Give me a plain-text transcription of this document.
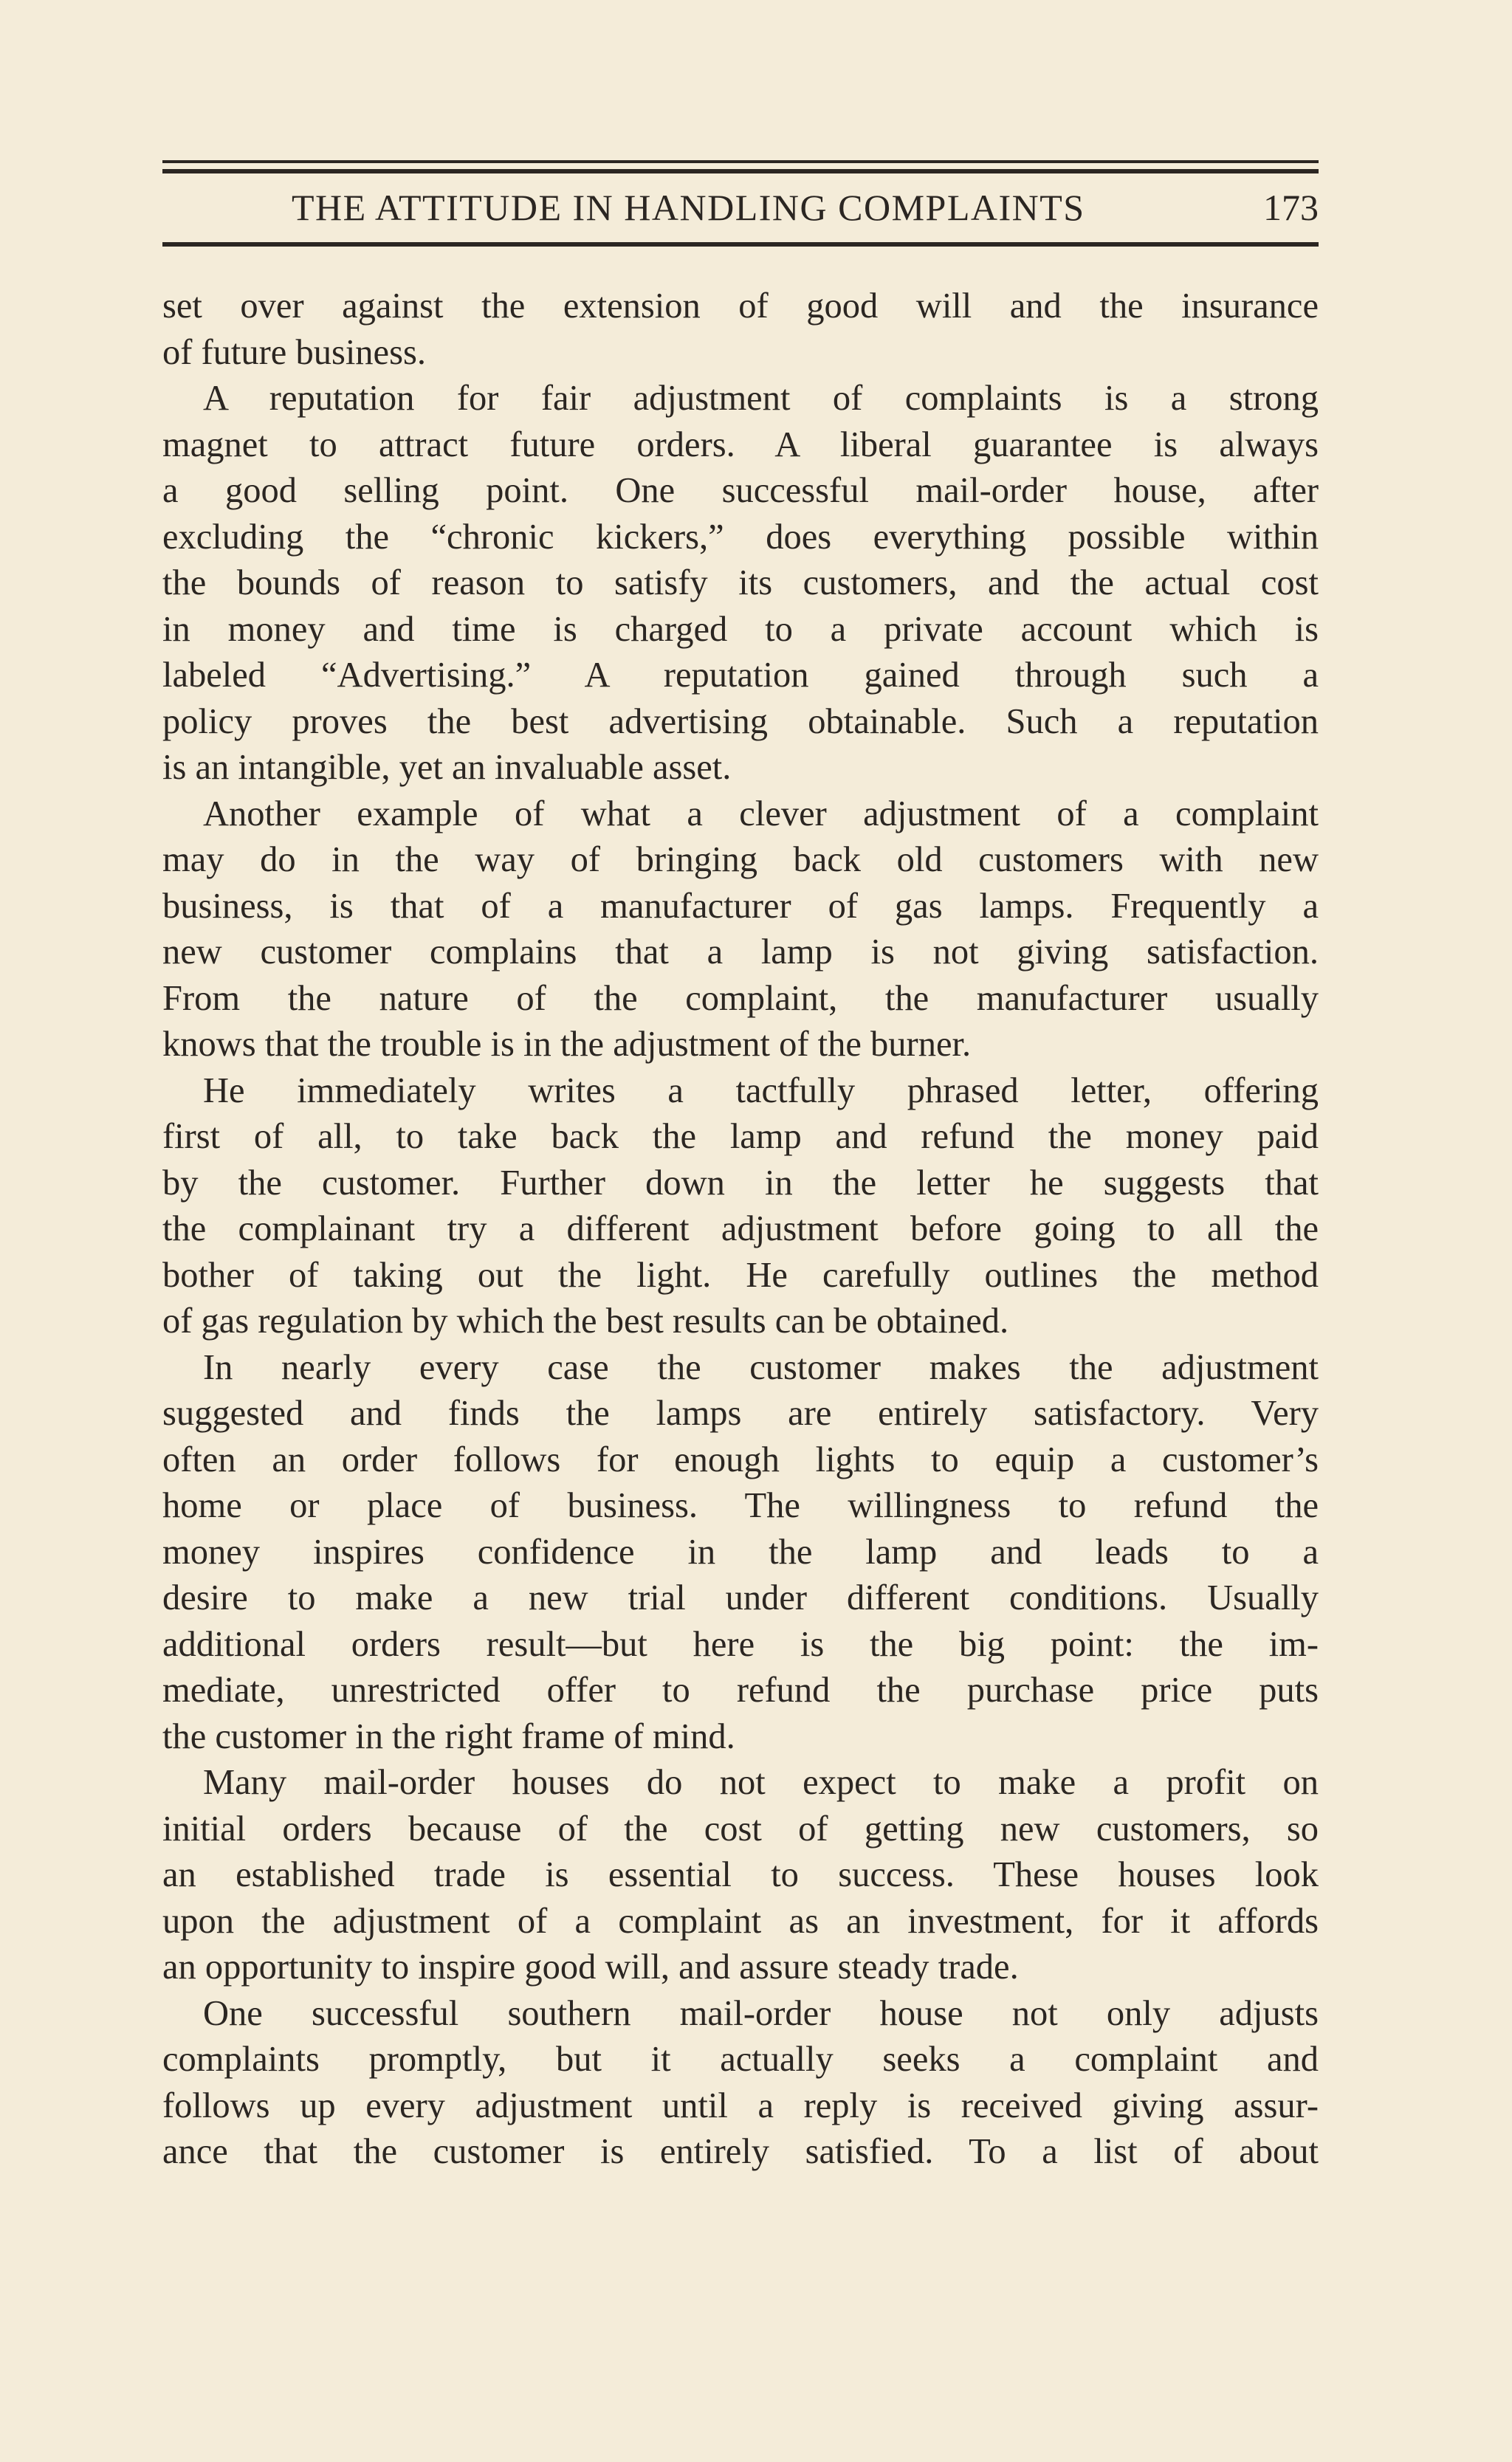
THE ATTITUDE IN HANDLING COMPLAINTS	173
set over against the extension of good will and the insurance
of future business.
A reputation for fair adjustment of complaints is a strong
magnet to attract future orders. A liberal guarantee is always
a good selling point. One successful mail-order house, after
excluding the “chronic kickers,” does everything possible within
the bounds of reason to satisfy its customers, and the actual cost
in money and time is charged to a private account which is
labeled “Advertising.” A reputation gained through such a
policy proves the best advertising obtainable. Such a reputation
is an intangible, yet an invaluable asset.
Another example of what a clever adjustment of a complaint
may do in the way of bringing back old customers with new
business, is that of a manufacturer of gas lamps. Frequently a
new customer complains that a lamp is not giving satisfaction.
From the nature of the complaint, the manufacturer usually
knows that the trouble is in the adjustment of the burner.
He immediately writes a tactfully phrased letter, offering
first of all, to take back the lamp and refund the money paid
by the customer. Further down in the letter he suggests that
the complainant try a different adjustment before going to all the
bother of taking out the light. He carefully outlines the method
of gas regulation by which the best results can be obtained.
In nearly every case the customer makes the adjustment
suggested and finds the lamps are entirely satisfactory. Very
often an order follows for enough lights to equip a customer’s
home or place of business. The willingness to refund the
money inspires confidence in the lamp and leads to a
desire to make a new trial under different conditions. Usually
additional orders result—but here is the big point: the im-
mediate, unrestricted offer to refund the purchase price puts
the customer in the right frame of mind.
Many mail-order houses do not expect to make a profit on
initial orders because of the cost of getting new customers, so
an established trade is essential to success. These houses look
upon the adjustment of a complaint as an investment, for it affords
an opportunity to inspire good will, and assure steady trade.
One successful southern mail-order house not only adjusts
complaints promptly, but it actually seeks a complaint and
follows up every adjustment until a reply is received giving assur-
ance that the customer is entirely satisfied. To a list of about
